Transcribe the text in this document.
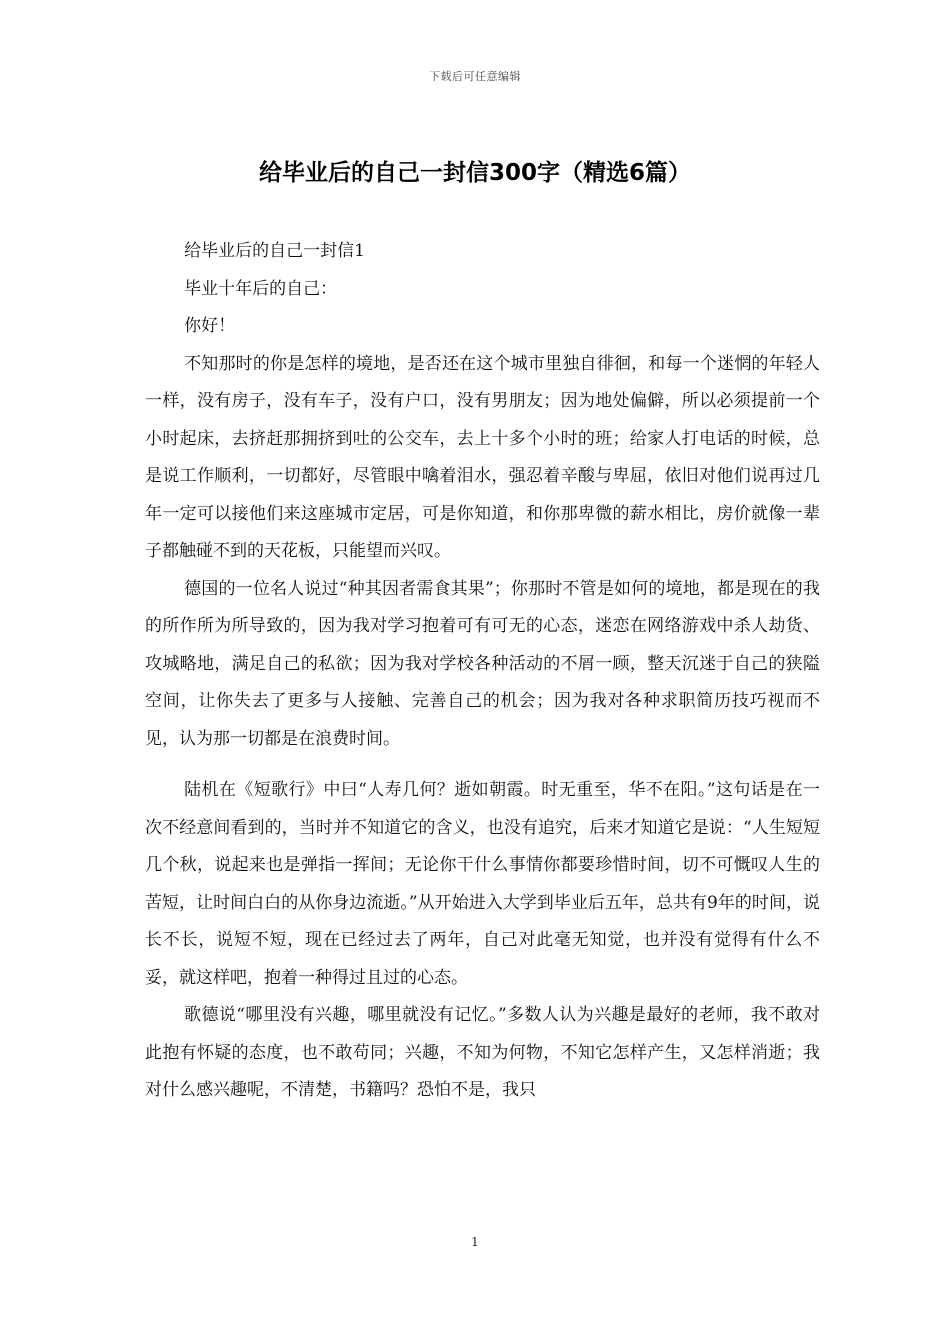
下载后可任意编辑
给毕业后的自己一封信300字（精选6篇）

给毕业后的自己一封信1

毕业十年后的自己：

你好！

不知那时的你是怎样的境地，是否还在这个城市里独自徘徊，和每一个迷惘的年轻人一样，没有房子，没有车子，没有户口，没有男朋友；因为地处偏僻，所以必须提前一个小时起床，去挤赶那拥挤到吐的公交车，去上十多个小时的班；给家人打电话的时候，总是说工作顺利，一切都好，尽管眼中噙着泪水，强忍着辛酸与卑屈，依旧对他们说再过几年一定可以接他们来这座城市定居，可是你知道，和你那卑微的薪水相比，房价就像一辈子都触碰不到的天花板，只能望而兴叹。

德国的一位名人说过“种其因者需食其果”；你那时不管是如何的境地，都是现在的我的所作所为所导致的，因为我对学习抱着可有可无的心态，迷恋在网络游戏中杀人劫货、攻城略地，满足自己的私欲；因为我对学校各种活动的不屑一顾，整天沉迷于自己的狭隘空间，让你失去了更多与人接触、完善自己的机会；因为我对各种求职简历技巧视而不见，认为那一切都是在浪费时间。

陆机在《短歌行》中曰“人寿几何？逝如朝霞。时无重至，华不在阳。”这句话是在一次不经意间看到的，当时并不知道它的含义，也没有追究，后来才知道它是说：“人生短短几个秋，说起来也是弹指一挥间；无论你干什么事情你都要珍惜时间，切不可慨叹人生的苦短，让时间白白的从你身边流逝。”从开始进入大学到毕业后五年，总共有9年的时间，说长不长，说短不短，现在已经过去了两年，自己对此毫无知觉，也并没有觉得有什么不妥，就这样吧，抱着一种得过且过的心态。

歌德说“哪里没有兴趣，哪里就没有记忆。”多数人认为兴趣是最好的老师，我不敢对此抱有怀疑的态度，也不敢苟同；兴趣，不知为何物，不知它怎样产生，又怎样消逝；我对什么感兴趣呢，不清楚，书籍吗？恐怕不是，我只

1
